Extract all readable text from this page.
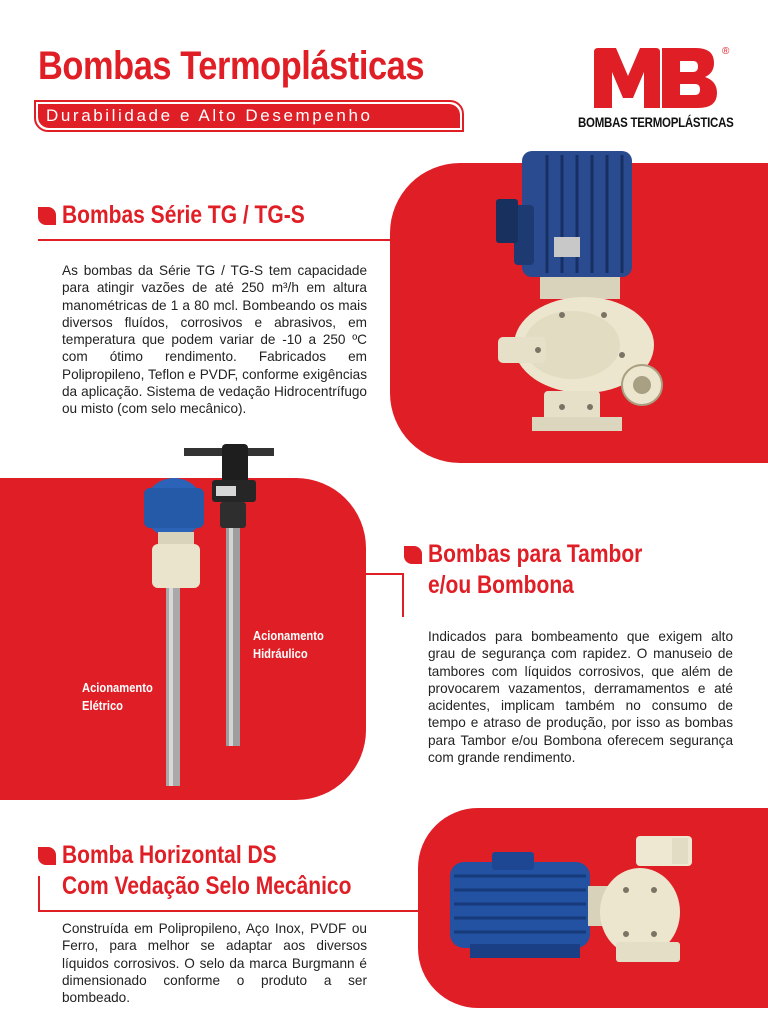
Bombas Termoplásticas
Durabilidade e Alto Desempenho
®
BOMBAS TERMOPLÁSTICAS
Bombas Série TG / TG-S
As bombas da Série TG / TG-S tem capacidade para atingir vazões de até 250 m³/h em altura manométricas de 1 a 80 mcl. Bombeando os mais diversos fluídos, corrosivos e abrasivos, em temperatura que podem variar de -10 a 250 ºC com ótimo rendimento. Fabricados em Polipropileno, Teflon e PVDF, conforme exigências da aplicação. Sistema de vedação Hidrocentrífugo ou misto (com selo mecânico).
Bombas para Tambor
e/ou Bombona
Indicados para bombeamento que exigem alto grau de segurança com rapidez. O manuseio de tambores com líquidos corrosivos, que além de provocarem vazamentos, derramamentos e até acidentes, implicam também no consumo de tempo e atraso de produção, por isso as bombas para Tambor e/ou Bombona oferecem segurança com grande rendimento.
Acionamento
Elétrico
Acionamento
Hidráulico
Bomba Horizontal DS
Com Vedação Selo Mecânico
Construída em Polipropileno, Aço Inox, PVDF ou Ferro, para melhor se adaptar aos diversos líquidos corrosivos. O selo da marca Burgmann é dimensionado conforme o produto a ser bombeado.
